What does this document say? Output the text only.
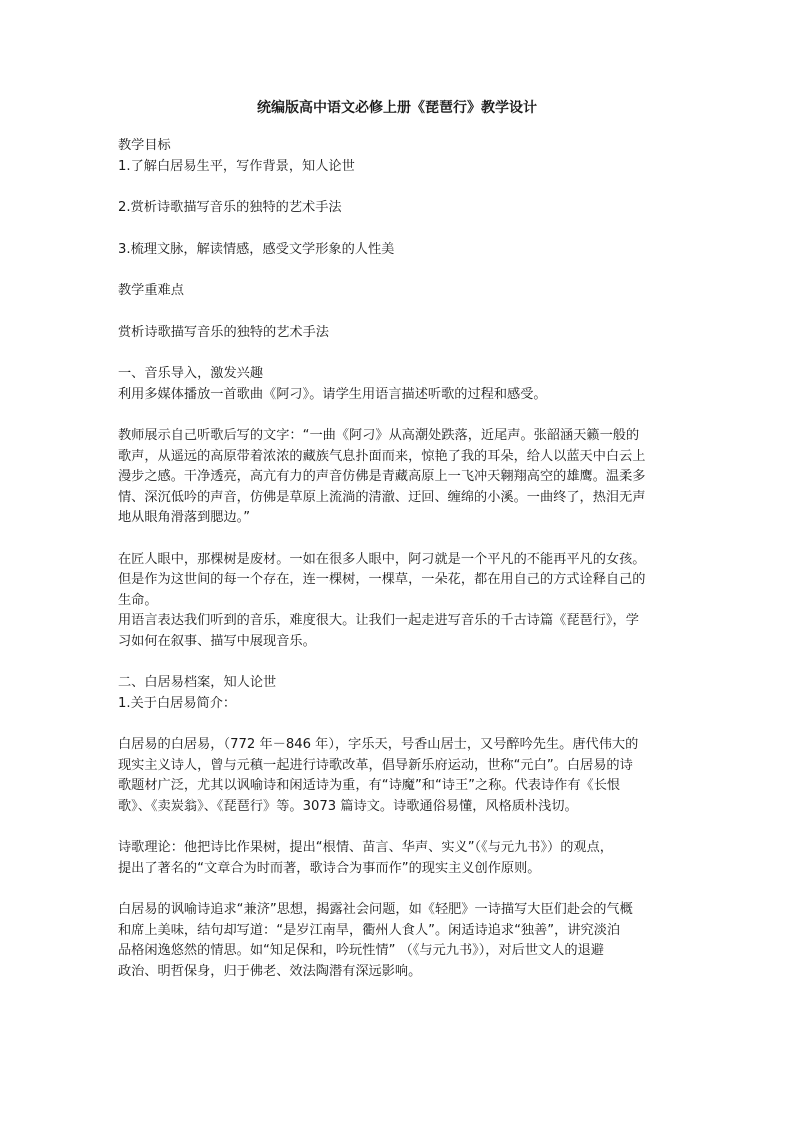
统编版高中语文必修上册《琵琶行》教学设计

教学目标

1.了解白居易生平，写作背景，知人论世

2.赏析诗歌描写音乐的独特的艺术手法

3.梳理文脉，解读情感，感受文学形象的人性美

教学重难点

赏析诗歌描写音乐的独特的艺术手法

一、音乐导入，激发兴趣

利用多媒体播放一首歌曲《阿刁》。请学生用语言描述听歌的过程和感受。

教师展示自己听歌后写的文字：“一曲《阿刁》从高潮处跌落，近尾声。张韶涵天籁一般的

歌声，从遥远的高原带着浓浓的藏族气息扑面而来，惊艳了我的耳朵，给人以蓝天中白云上

漫步之感。干净透亮，高亢有力的声音仿佛是青藏高原上一飞冲天翱翔高空的雄鹰。温柔多

情、深沉低吟的声音，仿佛是草原上流淌的清澈、迂回、缠绵的小溪。一曲终了，热泪无声

地从眼角滑落到腮边。”

在匠人眼中，那棵树是废材。一如在很多人眼中，阿刁就是一个平凡的不能再平凡的女孩。

但是作为这世间的每一个存在，连一棵树，一棵草，一朵花，都在用自己的方式诠释自己的

生命。

用语言表达我们听到的音乐，难度很大。让我们一起走进写音乐的千古诗篇《琵琶行》，学

习如何在叙事、描写中展现音乐。

二、白居易档案，知人论世

1.关于白居易简介：

白居易的白居易，（772 年－846 年），字乐天，号香山居士，又号醉吟先生。唐代伟大的

现实主义诗人，曾与元稹一起进行诗歌改革，倡导新乐府运动，世称“元白”。白居易的诗

歌题材广泛，尤其以讽喻诗和闲适诗为重，有“诗魔”和“诗王”之称。代表诗作有《长恨

歌》、《卖炭翁》、《琵琶行》等。3073 篇诗文。诗歌通俗易懂，风格质朴浅切。

诗歌理论：他把诗比作果树，提出“根情、苗言、华声、实义”（《与元九书》）的观点，

提出了著名的“文章合为时而著，歌诗合为事而作”的现实主义创作原则。

白居易的讽喻诗追求“兼济”思想，揭露社会问题，如《轻肥》一诗描写大臣们赴会的气概

和席上美味，结句却写道：“是岁江南旱，衢州人食人”。闲适诗追求“独善”，讲究淡泊

品格闲逸悠然的情思。如“知足保和，吟玩性情” （《与元九书》），对后世文人的退避

政治、明哲保身，归于佛老、效法陶潜有深远影响。
